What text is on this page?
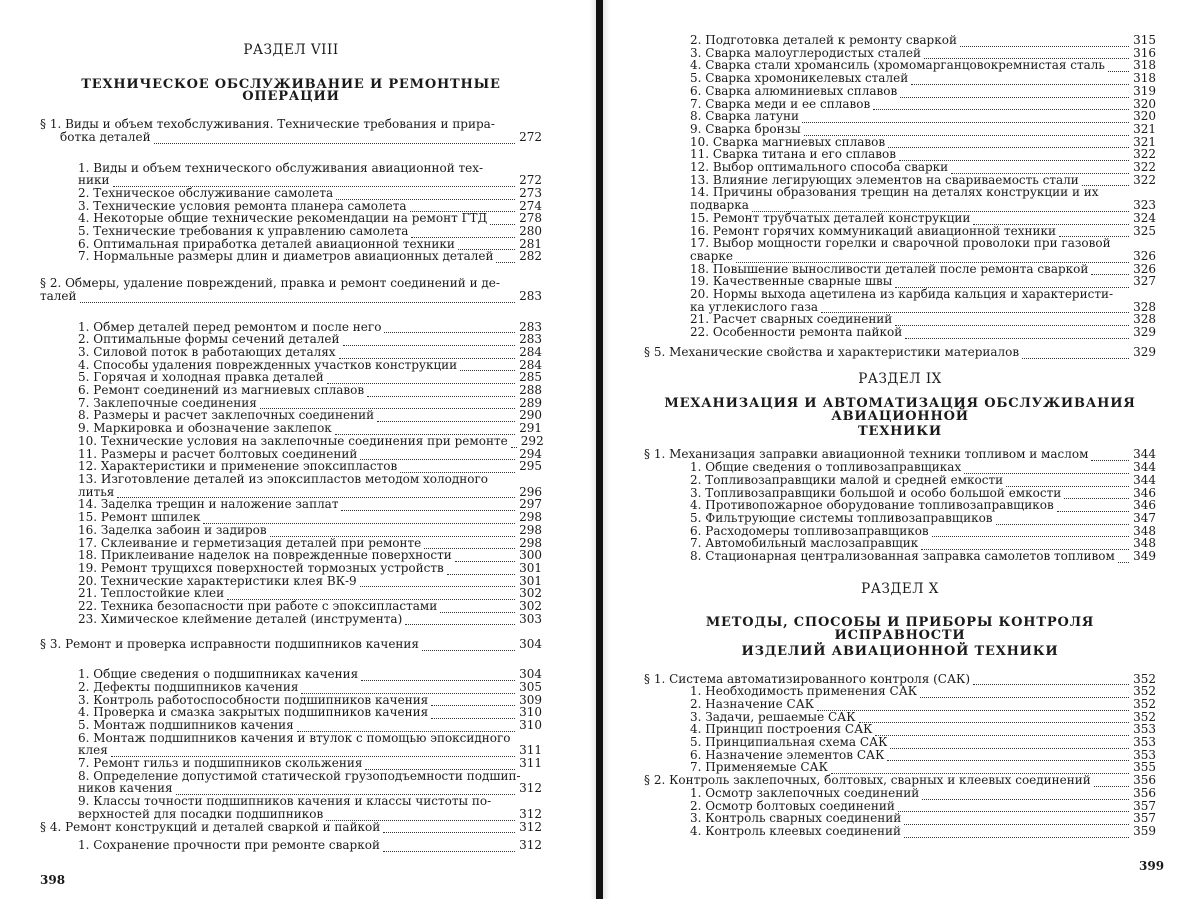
РАЗДЕЛ VIII

ТЕХНИЧЕСКОЕ ОБСЛУЖИВАНИЕ И РЕМОНТНЫЕ ОПЕРАЦИИ

§ 1. Виды и объем техобслуживания. Технические требования и прира-
ботка деталей	272
1. Виды и объем технического обслуживания авиационной тех-
ники	272
2. Техническое обслуживание самолета	273
3. Технические условия ремонта планера самолета	274
4. Некоторые общие технические рекомендации на ремонт ГТД	278
5. Технические требования к управлению самолета	280
6. Оптимальная приработка деталей авиационной техники	281
7. Нормальные размеры длин и диаметров авиационных деталей 282
§ 2. Обмеры, удаление повреждений, правка и ремонт соединений и де-
талей	283
1. Обмер деталей перед ремонтом и после него	283
2. Оптимальные формы сечений деталей	283
3. Силовой поток в работающих деталях	284
4. Способы удаления поврежденных участков конструкции	284
5. Горячая и холодная правка деталей	285
6. Ремонт соединений из магниевых сплавов	288
7. Заклепочные соединения	289
8. Размеры и расчет заклепочных соединений	290
9. Маркировка и обозначение заклепок	291
10. Технические условия на заклепочные соединения при ремонте 292
11. Размеры и расчет болтовых соединений	294
12. Характеристики и применение эпоксипластов	295
13. Изготовление деталей из эпоксипластов методом холодного
литья	296
14. Заделка трещин и наложение заплат	297
15. Ремонт шпилек	298
16. Заделка забоин и задиров	298
17. Склеивание и герметизация деталей при ремонте	298
18. Приклеивание наделок на поврежденные поверхности	300
19. Ремонт трущихся поверхностей тормозных устройств	301
20. Технические характеристики клея ВК-9	301
21. Теплостойкие клеи	302
22. Техника безопасности при работе с эпоксипластами	302
23. Химическое клеймение деталей (инструмента)	303
§ 3. Ремонт и проверка исправности подшипников качения	304
1. Общие сведения о подшипниках качения	304
2. Дефекты подшипников качения	305
3. Контроль работоспособности подшипников качения	309
4. Проверка и смазка закрытых подшипников качения	310
5. Монтаж подшипников качения	310
6. Монтаж подшипников качения и втулок с помощью эпоксидного
клея	311
7. Ремонт гильз и подшипников скольжения	311
8. Определение допустимой статической грузоподъемности подшип-
ников качения	312
9. Классы точности подшипников качения и классы чистоты по-
верхностей для посадки подшипников	312
§ 4. Ремонт конструкций и деталей сваркой и пайкой	312
1. Сохранение прочности при ремонте сваркой	312
398
2. Подготовка деталей к ремонту сваркой	315
3. Сварка малоуглеродистых сталей	316
4. Сварка стали хромансиль (хромомарганцовокремнистая сталь 318
5. Сварка хромоникелевых сталей	318
6. Сварка алюминиевых сплавов	319
7. Сварка меди и ее сплавов	320
8. Сварка латуни	320
9. Сварка бронзы	321
10. Сварка магниевых сплавов	321
11. Сварка титана и его сплавов	322
12. Выбор оптимального способа сварки	322
13. Влияние легирующих элементов на свариваемость стали	322
14. Причины образования трещин на деталях конструкции и их
подварка	323
15. Ремонт трубчатых деталей конструкции	324
16. Ремонт горячих коммуникаций авиационной техники	325
17. Выбор мощности горелки и сварочной проволоки при газовой
сварке	326
18. Повышение выносливости деталей после ремонта сваркой	326
19. Качественные сварные швы	327
20. Нормы выхода ацетилена из карбида кальция и характеристи-
ка углекислого газа	328
21. Расчет сварных соединений	328
22. Особенности ремонта пайкой	329
§ 5. Механические свойства и характеристики материалов	329

РАЗДЕЛ IX

МЕХАНИЗАЦИЯ И АВТОМАТИЗАЦИЯ ОБСЛУЖИВАНИЯ АВИАЦИОННОЙ

ТЕХНИКИ

§ 1. Механизация заправки авиационной техники топливом и маслом	344
1. Общие сведения о топливозаправщиках	344
2. Топливозаправщики малой и средней емкости	344
3. Топливозаправщики большой и особо большой емкости	346
4. Противопожарное оборудование топливозаправщиков	346
5. Фильтрующие системы топливозаправщиков	347
6. Расходомеры топливозаправщиков	348
7. Автомобильный маслозаправщик	348
8. Стационарная централизованная заправка самолетов топливом 349

РАЗДЕЛ X

МЕТОДЫ, СПОСОБЫ И ПРИБОРЫ КОНТРОЛЯ ИСПРАВНОСТИ

ИЗДЕЛИЙ АВИАЦИОННОЙ ТЕХНИКИ

§ 1. Система автоматизированного контроля (САК)	352
1. Необходимость применения САК	352
2. Назначение САК	352
3. Задачи, решаемые САК	352
4. Принцип построения САК	353
5. Принципиальная схема САК	353
6. Назначение элементов САК	353
7. Применяемые САК	355
§ 2. Контроль заклепочных, болтовых, сварных и клеевых соединений	356
1. Осмотр заклепочных соединений	356
2. Осмотр болтовых соединений	357
3. Контроль сварных соединений	357
4. Контроль клеевых соединений	359
399
